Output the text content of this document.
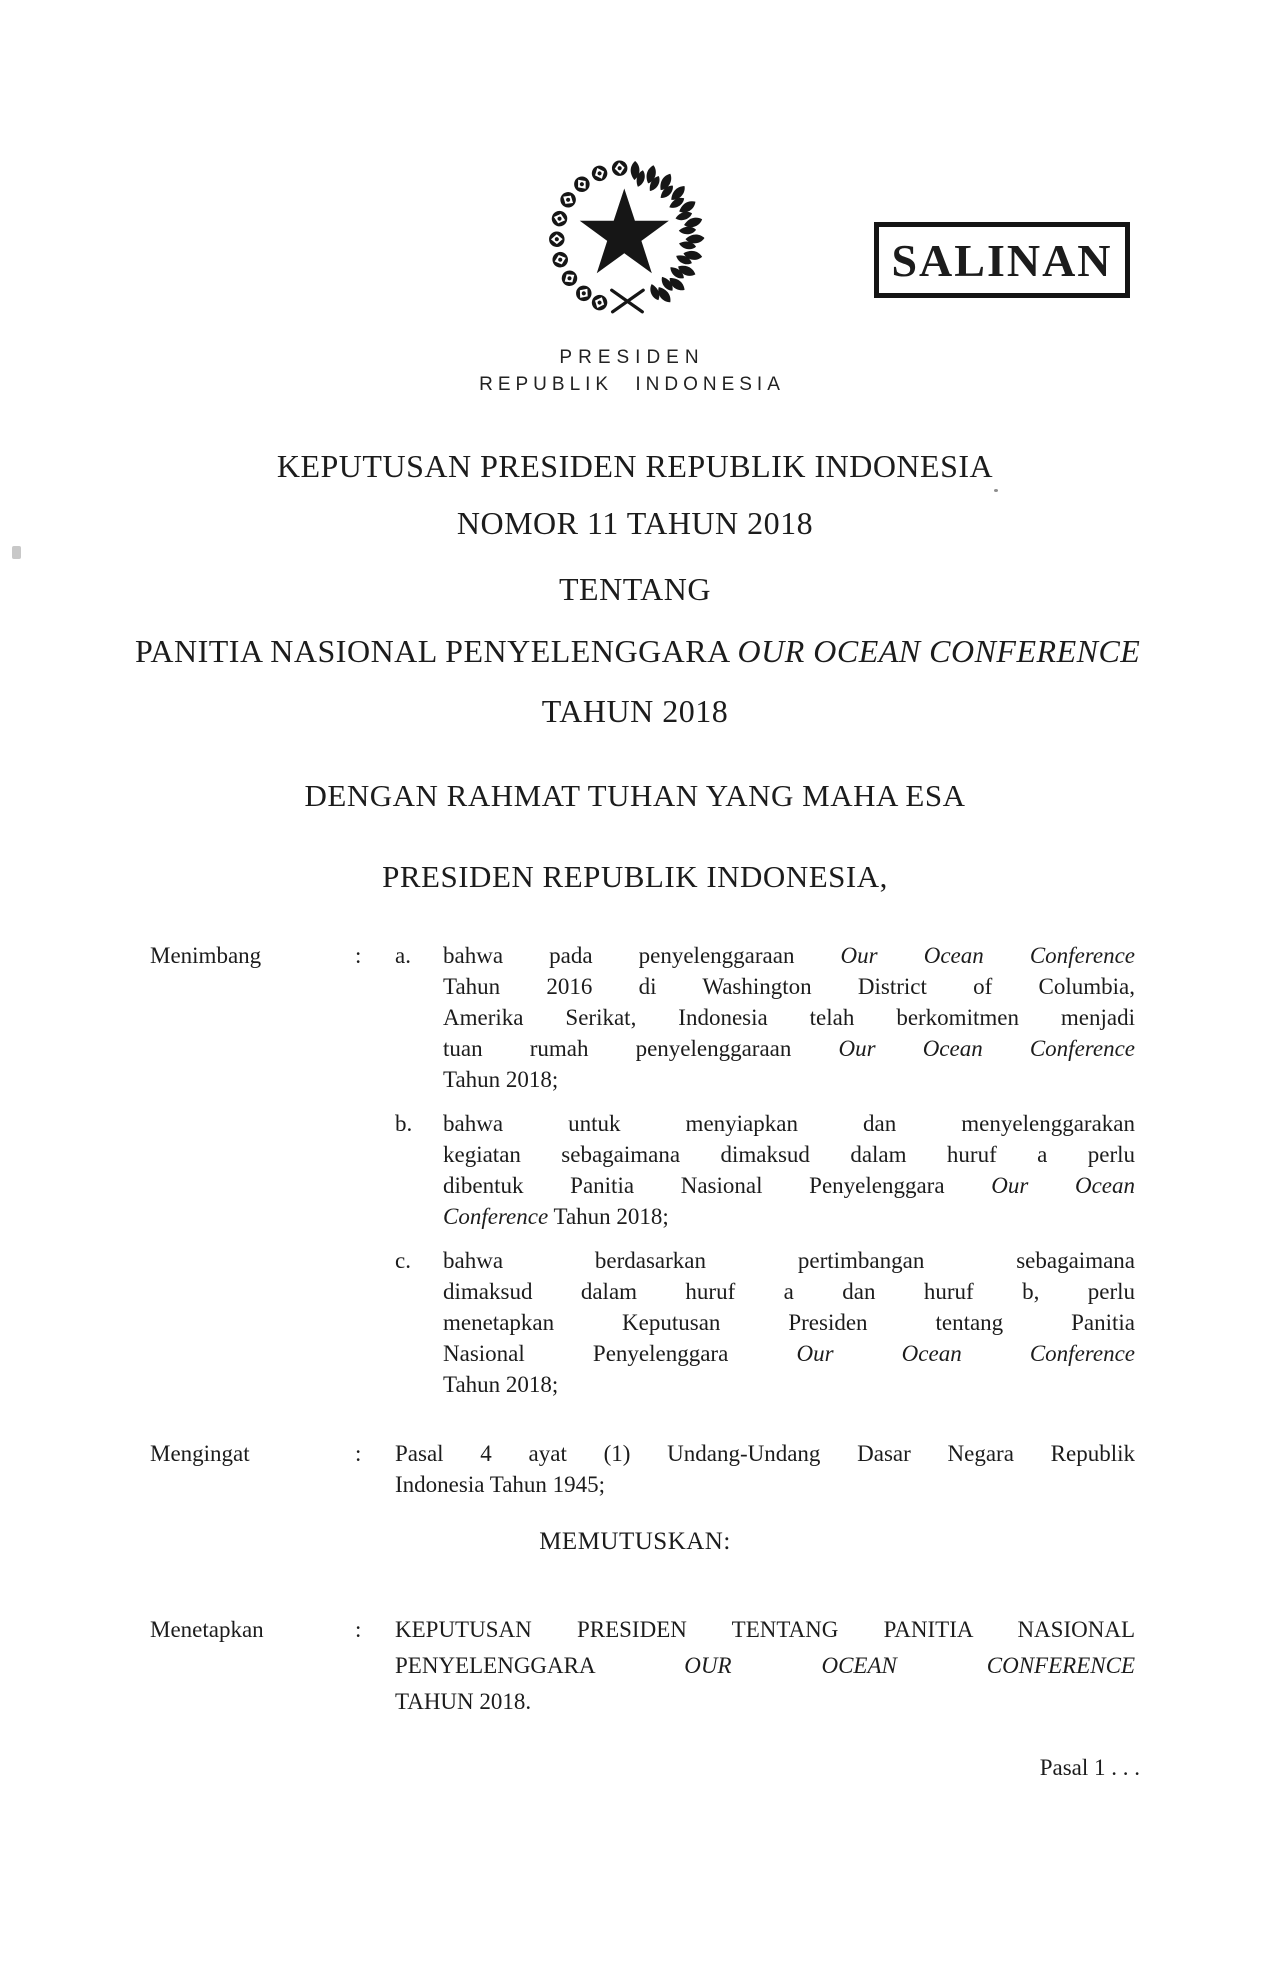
SALINAN
PRESIDEN
REPUBLIK INDONESIA
KEPUTUSAN PRESIDEN REPUBLIK INDONESIA
NOMOR 11 TAHUN 2018
TENTANG
PANITIA NASIONAL PENYELENGGARA OUR OCEAN CONFERENCE
TAHUN 2018
DENGAN RAHMAT TUHAN YANG MAHA ESA
PRESIDEN REPUBLIK INDONESIA,
Menimbang	:	a.	bahwa pada penyelenggaraan Our Ocean Conference
Tahun 2016 di Washington District of Columbia,
Amerika Serikat, Indonesia telah berkomitmen menjadi
tuan rumah penyelenggaraan Our Ocean Conference
Tahun 2018;
b.	bahwa untuk menyiapkan dan menyelenggarakan
kegiatan sebagaimana dimaksud dalam huruf a perlu
dibentuk Panitia Nasional Penyelenggara Our Ocean
Conference Tahun 2018;
c.	bahwa berdasarkan pertimbangan sebagaimana
dimaksud dalam huruf a dan huruf b, perlu
menetapkan Keputusan Presiden tentang Panitia
Nasional Penyelenggara Our Ocean Conference
Tahun 2018;
Mengingat	:	Pasal 4 ayat (1) Undang-Undang Dasar Negara Republik
Indonesia Tahun 1945;
MEMUTUSKAN:
Menetapkan	:	KEPUTUSAN PRESIDEN TENTANG PANITIA NASIONAL
PENYELENGGARA OUR OCEAN CONFERENCE
TAHUN 2018.
Pasal 1 . . .
